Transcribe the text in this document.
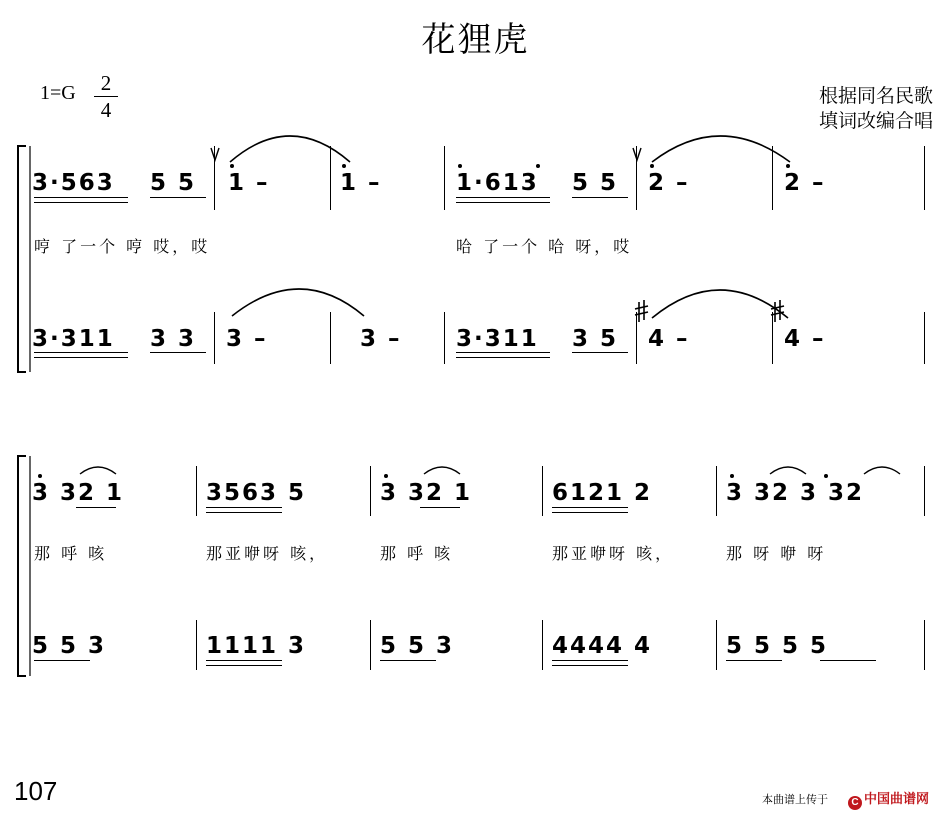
花狸虎
1=G	2
4
根据同名民歌
填词改编合唱
3·563 5 5 1 –	1 –	1·613 5 5 2 –	2 –
哼 了一个 哼 哎，哎	哈 了一个 哈 呀，哎
3·311 3 3 3 –	3 – 3·311 3 5 4 –	4 –
3 32 1	3563 5	3 32 1	6121 2	3 32 3 32
那 呼 咳	那亚咿呀 咳，	那 呼 咳	那亚咿呀 咳，	那 呀 咿 呀
5 5 3	1111 3	5 5 3	4444 4	5 5 5 5
107	本曲谱上传于	C 中国曲谱网
